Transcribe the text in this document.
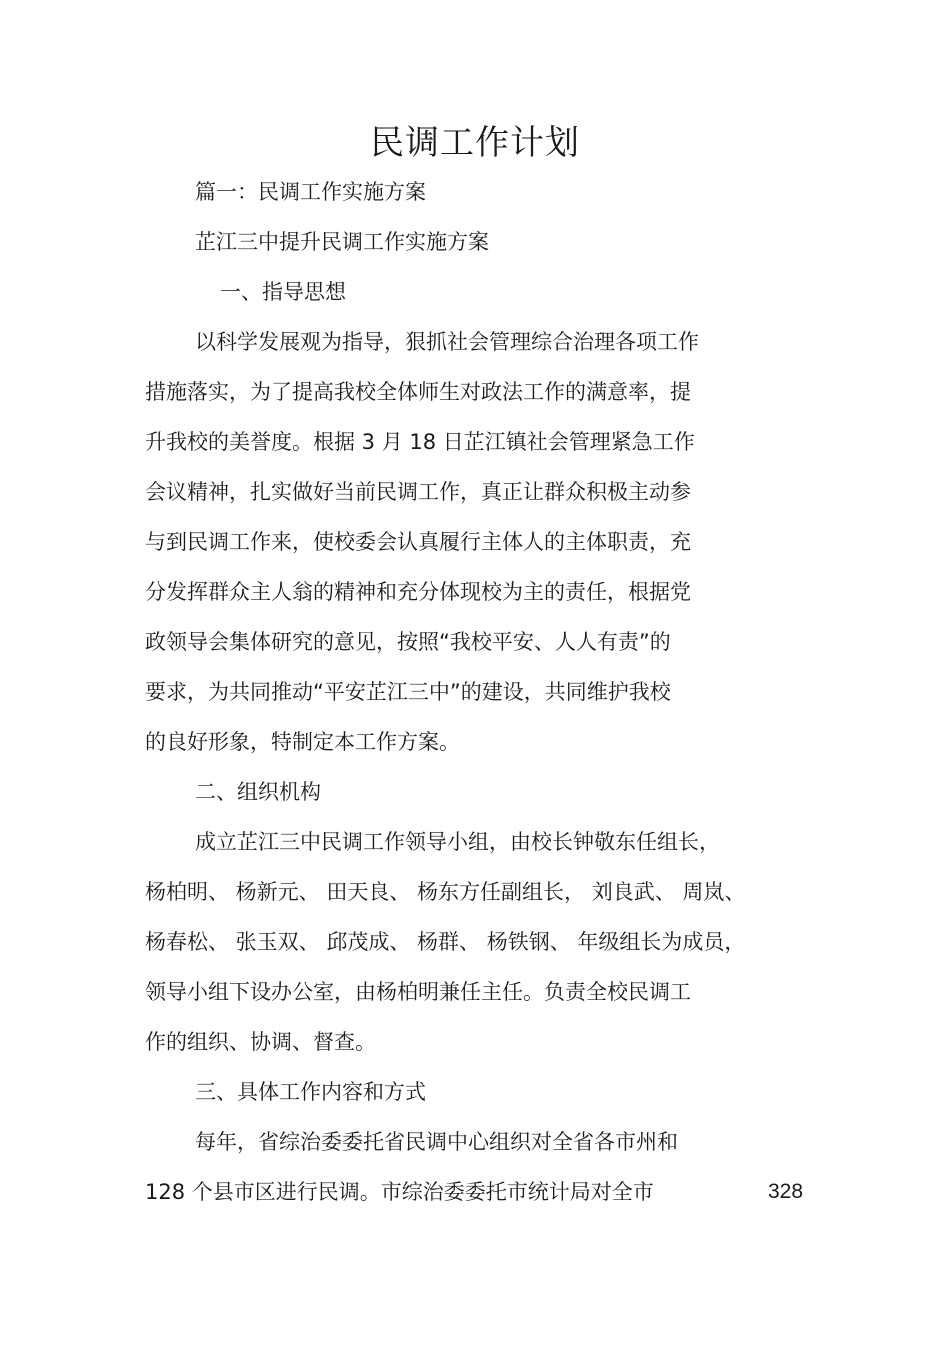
民调工作计划
篇一：民调工作实施方案
芷江三中提升民调工作实施方案
一、指导思想
以科学发展观为指导，狠抓社会管理综合治理各项工作
措施落实，为了提高我校全体师生对政法工作的满意率，提
升我校的美誉度。根据 3 月 18 日芷江镇社会管理紧急工作
会议精神，扎实做好当前民调工作，真正让群众积极主动参
与到民调工作来，使校委会认真履行主体人的主体职责，充
分发挥群众主人翁的精神和充分体现校为主的责任，根据党
政领导会集体研究的意见，按照“我校平安、人人有责”的
要求，为共同推动“平安芷江三中”的建设，共同维护我校
的良好形象，特制定本工作方案。
二、组织机构
成立芷江三中民调工作领导小组，由校长钟敬东任组长，
杨柏明、 杨新元、 田天良、 杨东方任副组长， 刘良武、 周岚、
杨春松、 张玉双、 邱茂成、 杨群、 杨铁钢、 年级组长为成员，
领导小组下设办公室，由杨柏明兼任主任。负责全校民调工
作的组织、协调、督查。
三、具体工作内容和方式
每年，省综治委委托省民调中心组织对全省各市州和
128 个县市区进行民调。市综治委委托市统计局对全市	328
